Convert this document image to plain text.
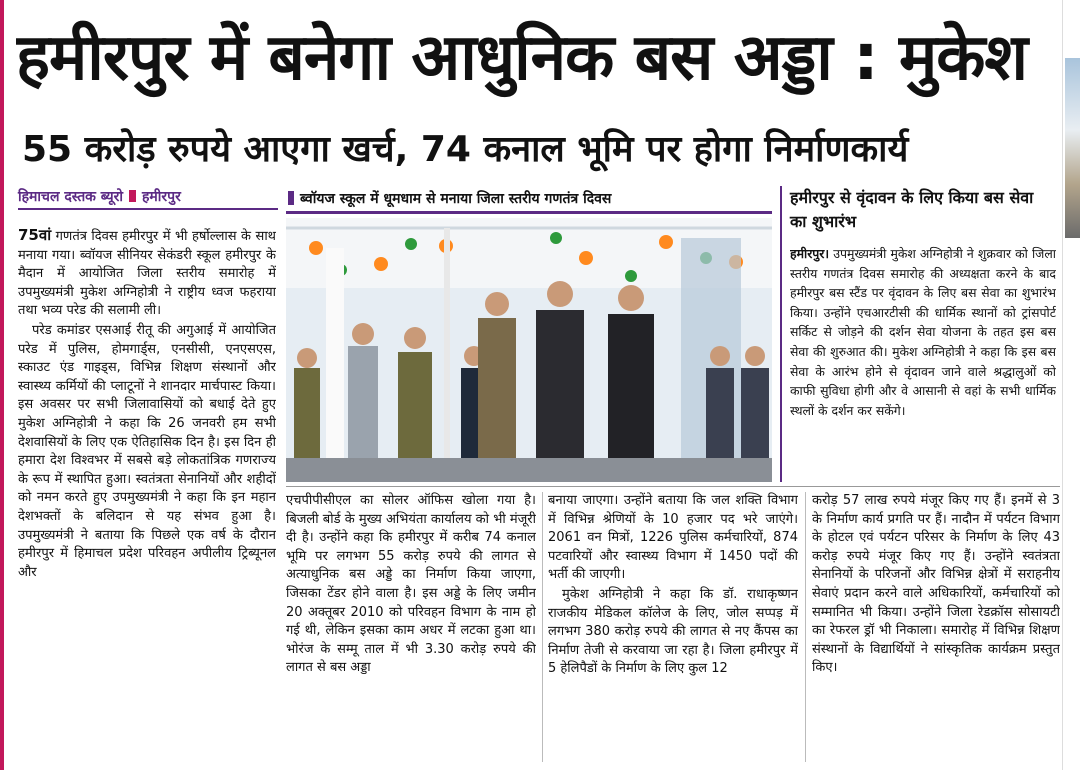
हमीरपुर में बनेगा आधुनिक बस अड्डा : मुकेश
55 करोड़ रुपये आएगा खर्च, 74 कनाल भूमि पर होगा निर्माणकार्य
हिमाचल दस्तक ब्यूरो हमीरपुर

75वां गणतंत्र दिवस हमीरपुर में भी हर्षोल्लास के साथ मनाया गया। ब्वॉयज सीनियर सेकंडरी स्कूल हमीरपुर के मैदान में आयोजित जिला स्तरीय समारोह में उपमुख्यमंत्री मुकेश अग्निहोत्री ने राष्ट्रीय ध्वज फहराया तथा भव्य परेड की सलामी ली।

परेड कमांडर एसआई रीतू की अगुआई में आयोजित परेड में पुलिस, होमगार्ड्स, एनसीसी, एनएसएस, स्काउट एंड गाइड्स, विभिन्न शिक्षण संस्थानों और स्वास्थ्य कर्मियों की प्लाटूनों ने शानदार मार्चपास्ट किया। इस अवसर पर सभी जिलावासियों को बधाई देते हुए मुकेश अग्निहोत्री ने कहा कि 26 जनवरी हम सभी देशवासियों के लिए एक ऐतिहासिक दिन है। इस दिन ही हमारा देश विश्वभर में सबसे बड़े लोकतांत्रिक गणराज्य के रूप में स्थापित हुआ। स्वतंत्रता सेनानियों और शहीदों को नमन करते हुए उपमुख्यमंत्री ने कहा कि इन महान देशभक्तों के बलिदान से यह संभव हुआ है। उपमुख्यमंत्री ने बताया कि पिछले एक वर्ष के दौरान हमीरपुर में हिमाचल प्रदेश परिवहन अपीलीय ट्रिब्यूनल और

ब्वॉयज स्कूल में धूमधाम से मनाया जिला स्तरीय गणतंत्र दिवस	हमीरपुर से वृंदावन के लिए किया बस सेवा का शुभारंभ
हमीरपुर। उपमुख्यमंत्री मुकेश अग्निहोत्री ने शुक्रवार को जिला स्तरीय गणतंत्र दिवस समारोह की अध्यक्षता करने के बाद हमीरपुर बस स्टैंड पर वृंदावन के लिए बस सेवा का शुभारंभ किया। उन्होंने एचआरटीसी की धार्मिक स्थानों को ट्रांसपोर्ट सर्किट से जोड़ने की दर्शन सेवा योजना के तहत इस बस सेवा की शुरुआत की। मुकेश अग्निहोत्री ने कहा कि इस बस सेवा के आरंभ होने से वृंदावन जाने वाले श्रद्धालुओं को काफी सुविधा होगी और वे आसानी से वहां के सभी धार्मिक स्थलों के दर्शन कर सकेंगे।

एचपीपीसीएल का सोलर ऑफिस खोला गया है। बिजली बोर्ड के मुख्य अभियंता कार्यालय को भी मंजूरी दी है। उन्होंने कहा कि हमीरपुर में करीब 74 कनाल भूमि पर लगभग 55 करोड़ रुपये की लागत से अत्याधुनिक बस अड्डे का निर्माण किया जाएगा, जिसका टेंडर होने वाला है। इस अड्डे के लिए जमीन 20 अक्तूबर 2010 को परिवहन विभाग के नाम हो गई थी, लेकिन इसका काम अधर में लटका हुआ था। भोरंज के सम्मू ताल में भी 3.30 करोड़ रुपये की लागत से बस अड्डा

बनाया जाएगा। उन्होंने बताया कि जल शक्ति विभाग में विभिन्न श्रेणियों के 10 हजार पद भरे जाएंगे। 2061 वन मित्रों, 1226 पुलिस कर्मचारियों, 874 पटवारियों और स्वास्थ्य विभाग में 1450 पदों की भर्ती की जाएगी।

मुकेश अग्निहोत्री ने कहा कि डॉ. राधाकृष्णन राजकीय मेडिकल कॉलेज के लिए, जोल सप्पड़ में लगभग 380 करोड़ रुपये की लागत से नए कैंपस का निर्माण तेजी से करवाया जा रहा है। जिला हमीरपुर में 5 हेलिपैडों के निर्माण के लिए कुल 12

करोड़ 57 लाख रुपये मंजूर किए गए हैं। इनमें से 3 के निर्माण कार्य प्रगति पर हैं। नादौन में पर्यटन विभाग के होटल एवं पर्यटन परिसर के निर्माण के लिए 43 करोड़ रुपये मंजूर किए गए हैं। उन्होंने स्वतंत्रता सेनानियों के परिजनों और विभिन्न क्षेत्रों में सराहनीय सेवाएं प्रदान करने वाले अधिकारियों, कर्मचारियों को सम्मानित भी किया। उन्होंने जिला रेडक्रॉस सोसायटी का रेफरल ड्रॉ भी निकाला। समारोह में विभिन्न शिक्षण संस्थानों के विद्यार्थियों ने सांस्कृतिक कार्यक्रम प्रस्तुत किए।
